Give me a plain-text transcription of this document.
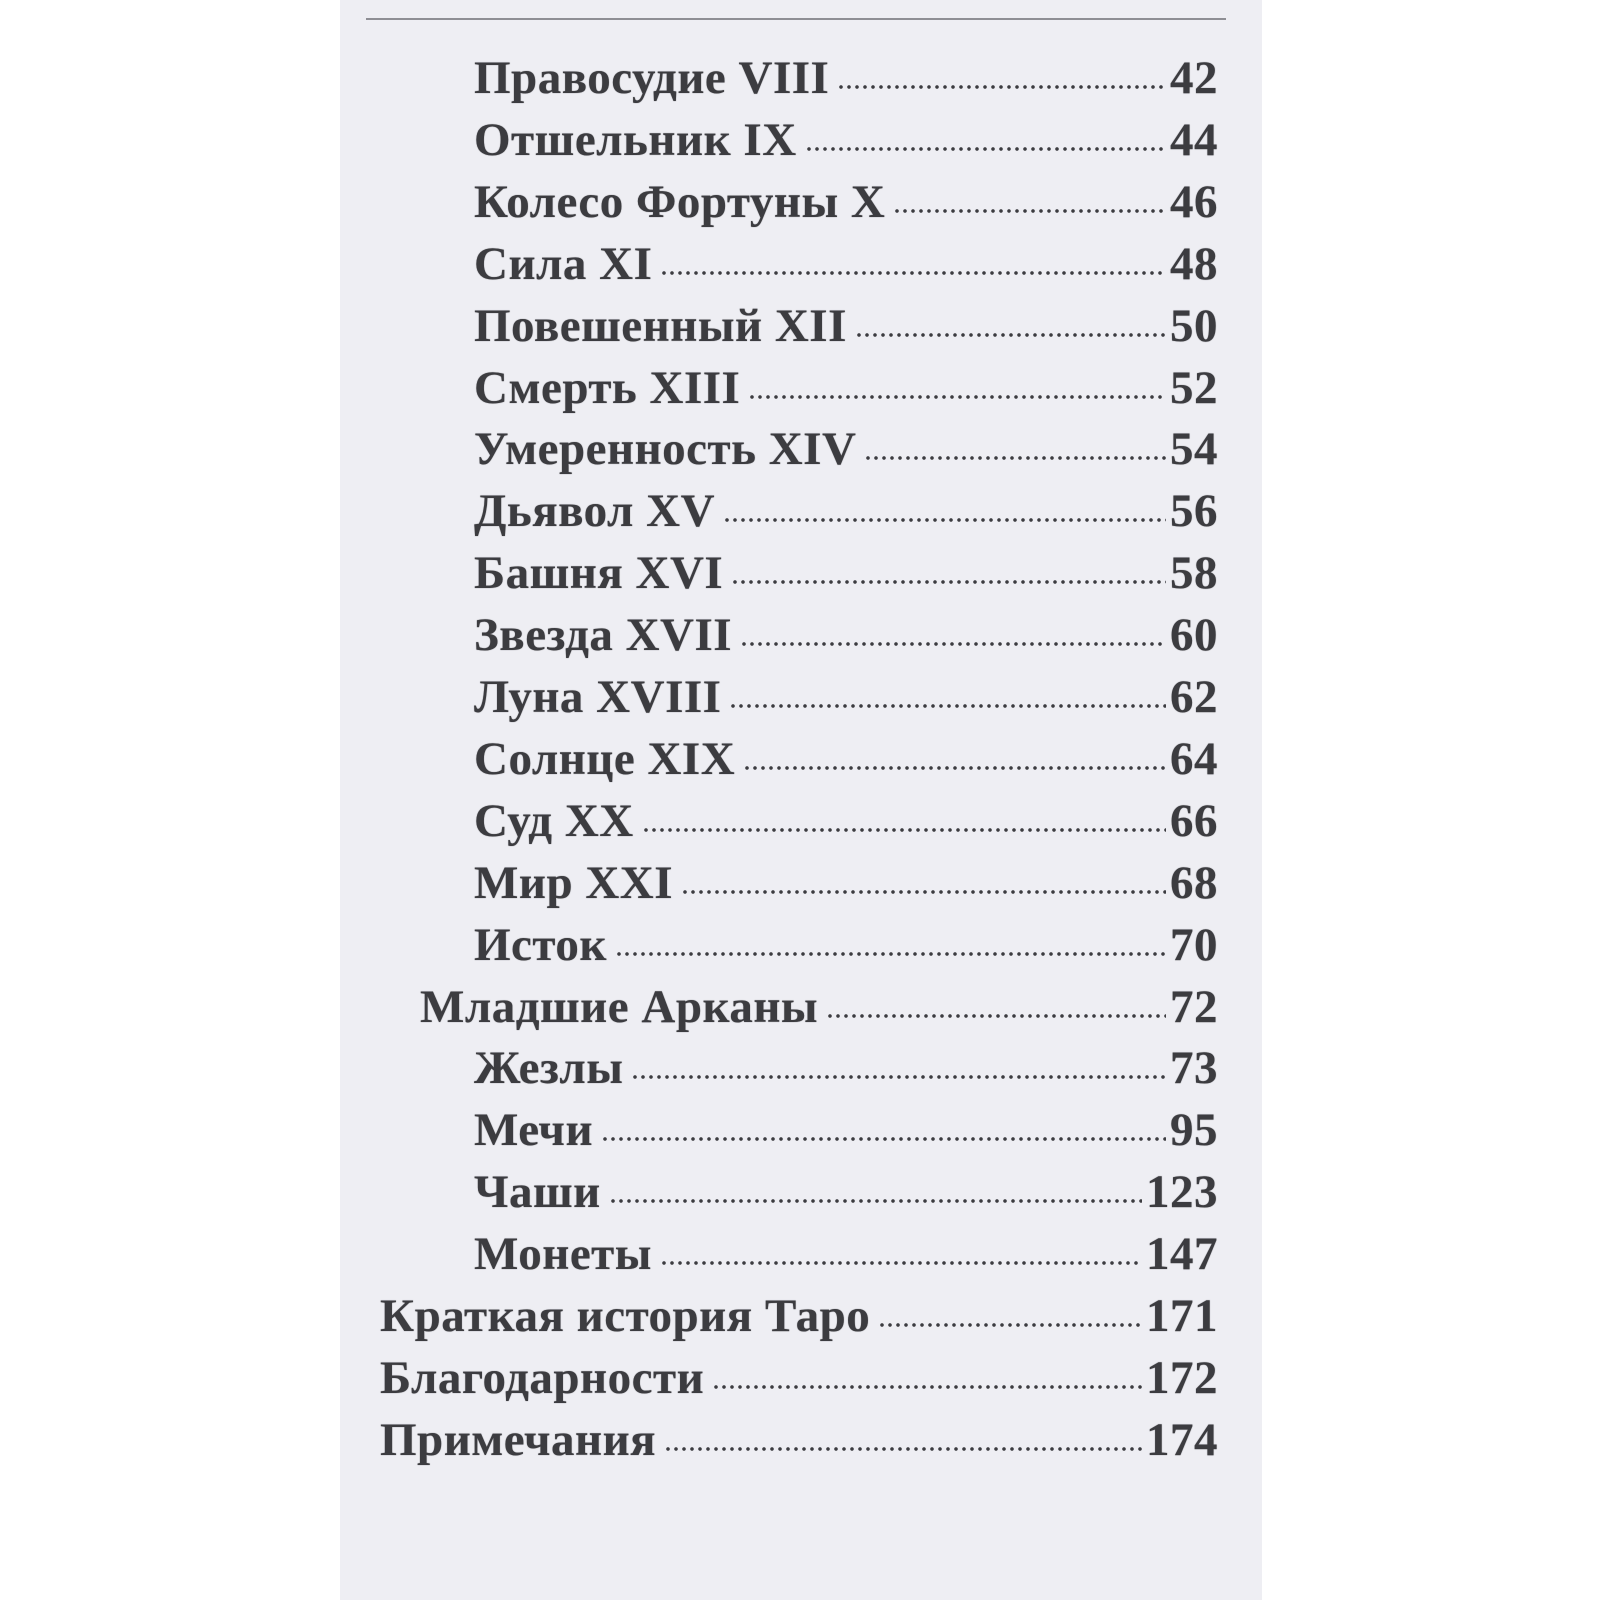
Правосудие VIII	42
Отшельник IX	44
Колесо Фортуны X	46
Сила XI	48
Повешенный XII	50
Смерть XIII	52
Умеренность XIV	54
Дьявол XV	56
Башня XVI	58
Звезда XVII	60
Луна XVIII	62
Солнце XIX	64
Суд XX	66
Мир XXI	68
Исток	70
Младшие Арканы	72
Жезлы	73
Мечи	95
Чаши	123
Монеты	147
Краткая история Таро	171
Благодарности	172
Примечания	174
